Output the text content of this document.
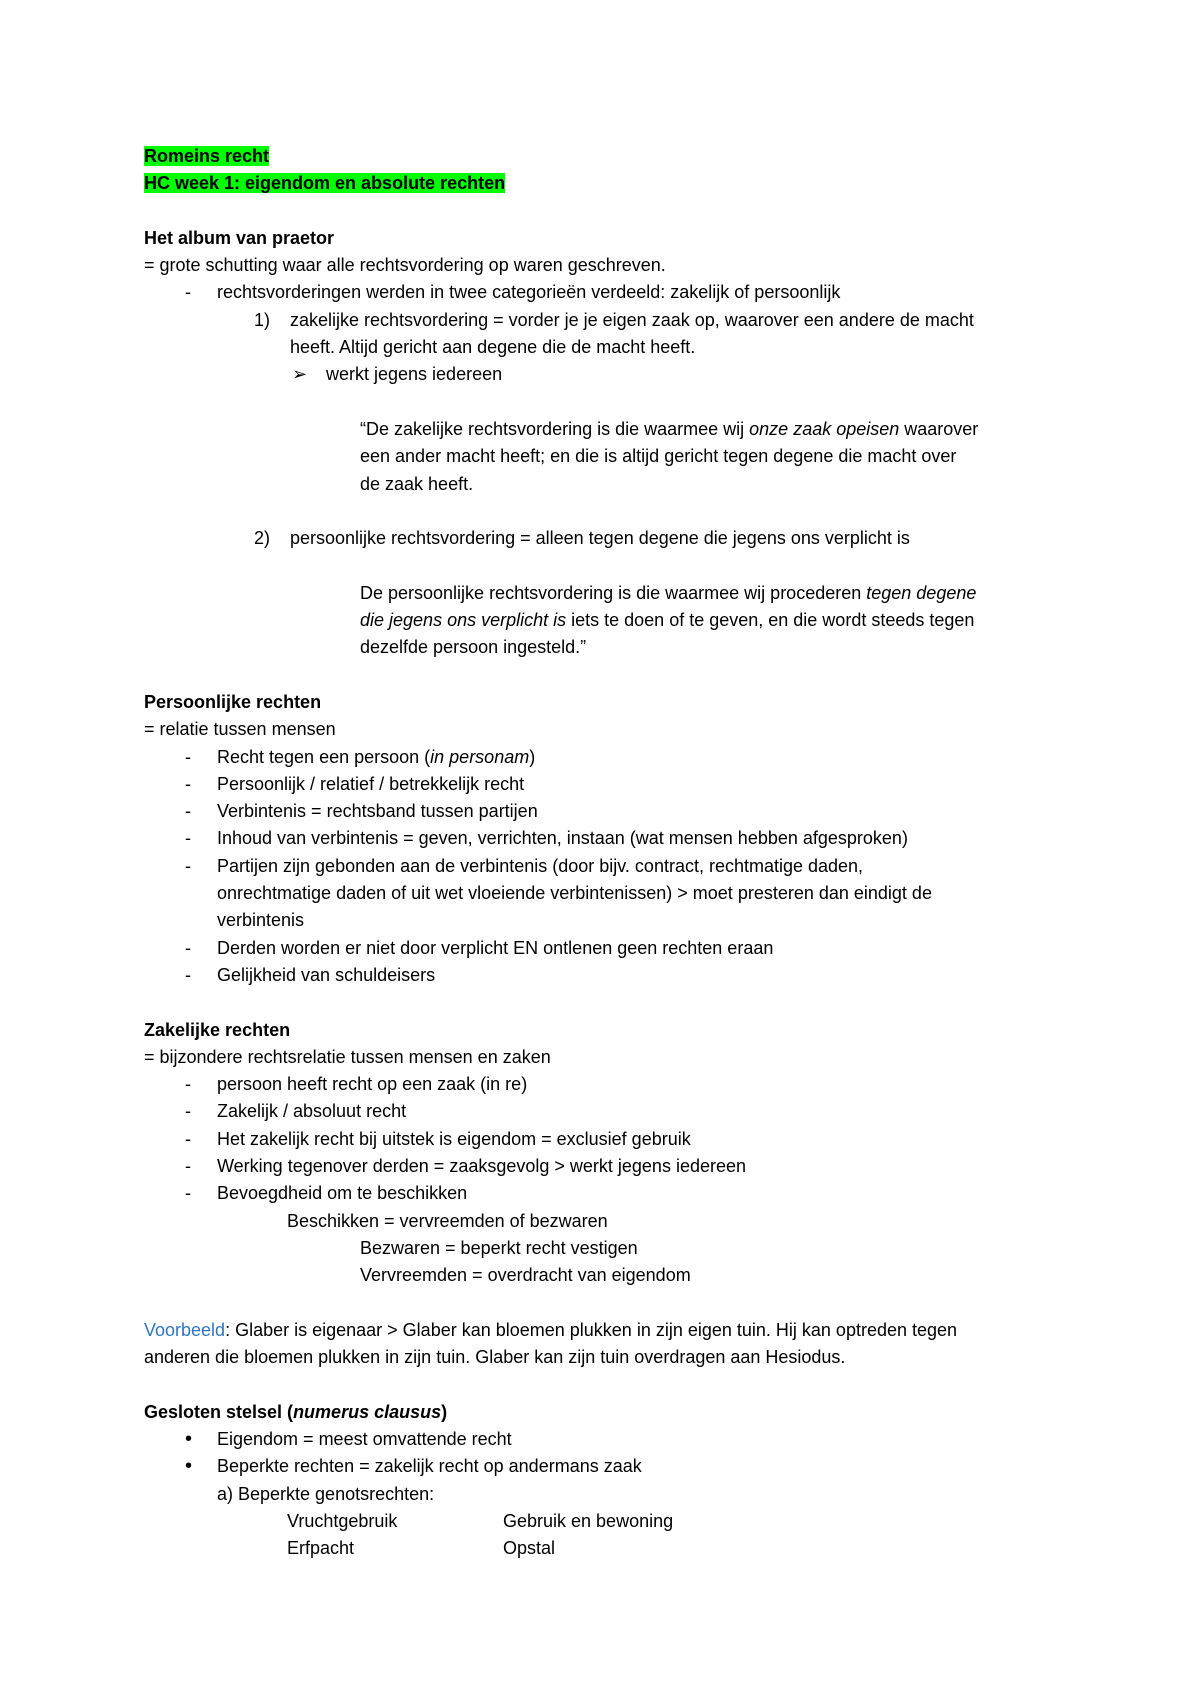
Romeins recht
HC week 1: eigendom en absolute rechten
Het album van praetor
= grote schutting waar alle rechtsvordering op waren geschreven.
- rechtsvorderingen werden in twee categorieën verdeeld: zakelijk of persoonlijk
1) zakelijke rechtsvordering = vorder je je eigen zaak op, waarover een andere de macht
heeft. Altijd gericht aan degene die de macht heeft.
➢ werkt jegens iedereen
“De zakelijke rechtsvordering is die waarmee wij onze zaak opeisen waarover
een ander macht heeft; en die is altijd gericht tegen degene die macht over
de zaak heeft.
2) persoonlijke rechtsvordering = alleen tegen degene die jegens ons verplicht is
De persoonlijke rechtsvordering is die waarmee wij procederen tegen degene
die jegens ons verplicht is iets te doen of te geven, en die wordt steeds tegen
dezelfde persoon ingesteld.”
Persoonlijke rechten
= relatie tussen mensen
- Recht tegen een persoon (in personam)
- Persoonlijk / relatief / betrekkelijk recht
- Verbintenis = rechtsband tussen partijen
- Inhoud van verbintenis = geven, verrichten, instaan (wat mensen hebben afgesproken)
- Partijen zijn gebonden aan de verbintenis (door bijv. contract, rechtmatige daden,
onrechtmatige daden of uit wet vloeiende verbintenissen) > moet presteren dan eindigt de
verbintenis
- Derden worden er niet door verplicht EN ontlenen geen rechten eraan
- Gelijkheid van schuldeisers
Zakelijke rechten
= bijzondere rechtsrelatie tussen mensen en zaken
- persoon heeft recht op een zaak (in re)
- Zakelijk / absoluut recht
- Het zakelijk recht bij uitstek is eigendom = exclusief gebruik
- Werking tegenover derden = zaaksgevolg > werkt jegens iedereen
- Bevoegdheid om te beschikken
Beschikken = vervreemden of bezwaren
Bezwaren = beperkt recht vestigen
Vervreemden = overdracht van eigendom
Voorbeeld: Glaber is eigenaar > Glaber kan bloemen plukken in zijn eigen tuin. Hij kan optreden tegen
anderen die bloemen plukken in zijn tuin. Glaber kan zijn tuin overdragen aan Hesiodus.
Gesloten stelsel (numerus clausus)
• Eigendom = meest omvattende recht
• Beperkte rechten = zakelijk recht op andermans zaak
a) Beperkte genotsrechten:
Vruchtgebruik	Gebruik en bewoning
Erfpacht	Opstal
